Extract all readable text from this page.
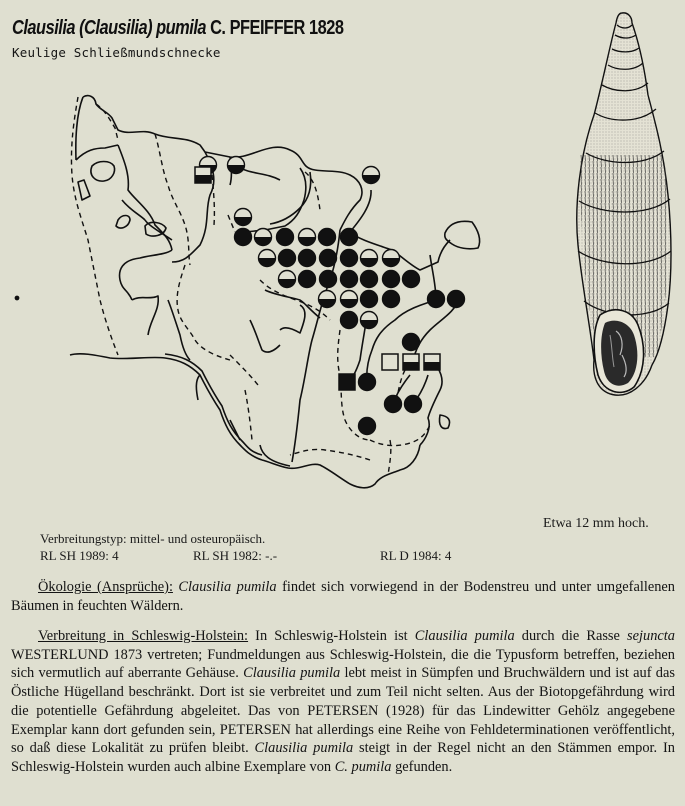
Clausilia (Clausilia) pumila C. PFEIFFER 1828
Keulige Schließmundschnecke
Etwa 12 mm hoch.
Verbreitungstyp: mittel- und osteuropäisch.
RL SH 1989: 4	RL SH 1982: -.-	RL D 1984: 4
Ökologie (Ansprüche): Clausilia pumila findet sich vorwiegend in der Bodenstreu und unter umgefallenen Bäumen in feuchten Wäldern.
Verbreitung in Schleswig-Holstein: In Schleswig-Holstein ist Clausilia pumila durch die Rasse sejuncta WESTERLUND 1873 vertreten; Fundmeldungen aus Schleswig-Holstein, die die Typusform betreffen, beziehen sich vermutlich auf aberrante Gehäuse. Clausilia pumila lebt meist in Sümpfen und Bruchwäldern und ist auf das Östliche Hügelland beschränkt. Dort ist sie verbreitet und zum Teil nicht selten. Aus der Biotopgefährdung wird die potentielle Gefährdung abgeleitet. Das von PETERSEN (1928) für das Lindewitter Gehölz angegebene Exemplar kann dort gefunden sein, PETERSEN hat allerdings eine Reihe von Fehldeterminationen veröffentlicht, so daß diese Lokalität zu prüfen bleibt. Clausilia pumila steigt in der Regel nicht an den Stämmen empor. In Schleswig-Holstein wurden auch albine Exemplare von C. pumila gefunden.
